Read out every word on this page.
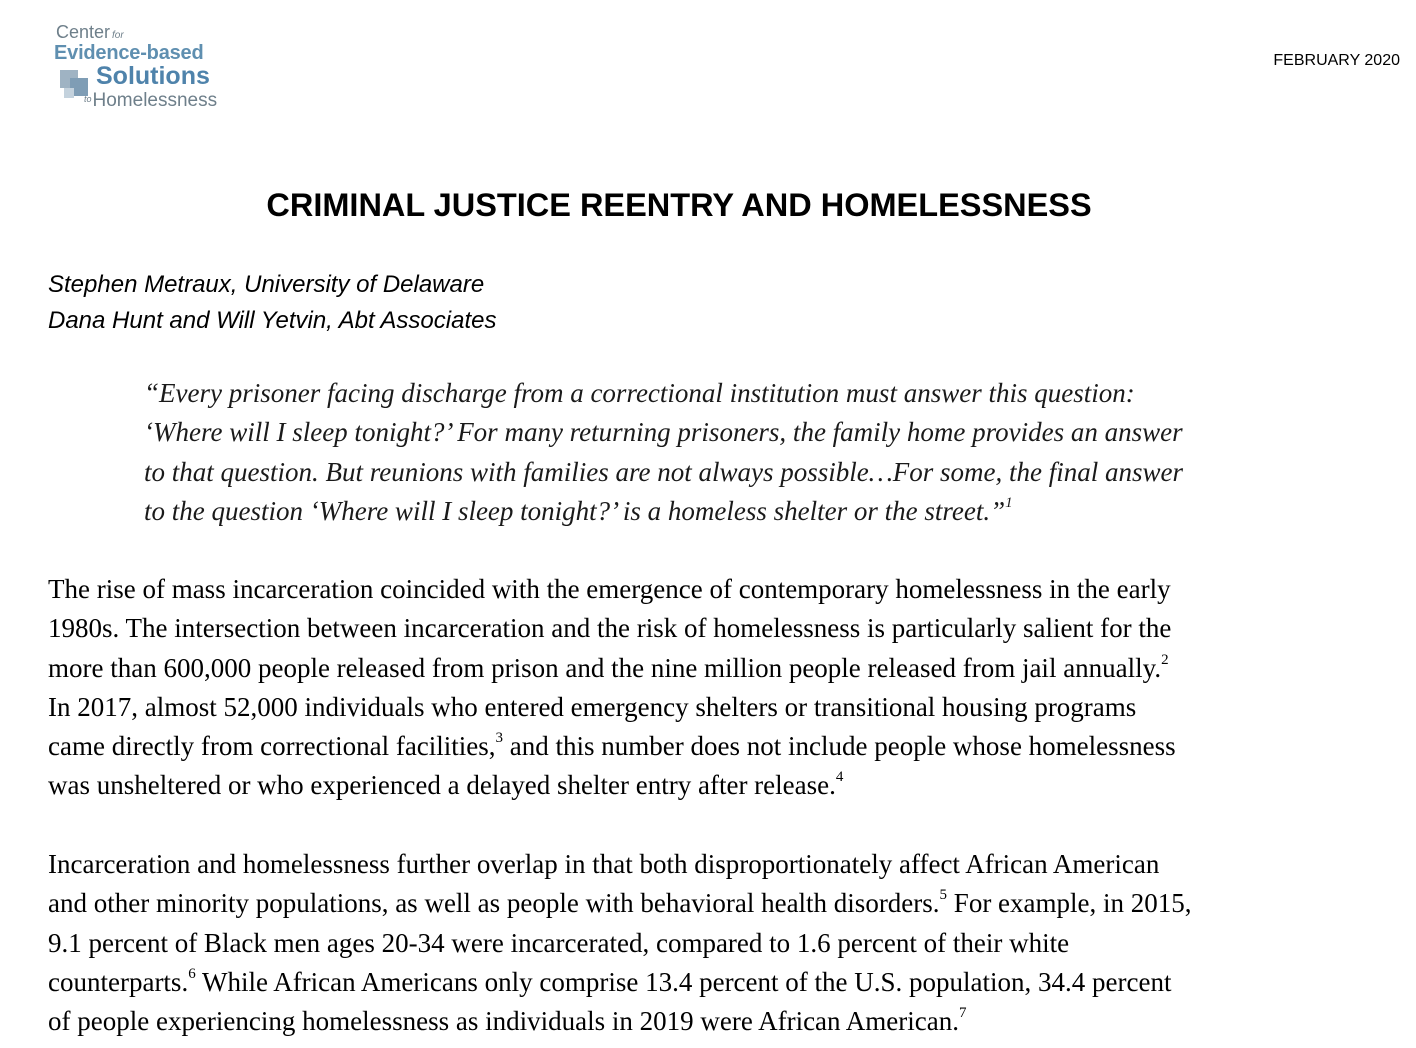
Center for
Evidence-based
Solutions
$^{to}$Homelessness
FEBRUARY 2020
CRIMINAL JUSTICE REENTRY AND HOMELESSNESS
Stephen Metraux, University of Delaware
Dana Hunt and Will Yetvin, Abt Associates
“Every prisoner facing discharge from a correctional institution must answer this question:
‘Where will I sleep tonight?’ For many returning prisoners, the family home provides an answer
to that question. But reunions with families are not always possible…For some, the final answer
to the question ‘Where will I sleep tonight?’ is a homeless shelter or the street.”$^1$
The rise of mass incarceration coincided with the emergence of contemporary homelessness in the early
1980s. The intersection between incarceration and the risk of homelessness is particularly salient for the
more than 600,000 people released from prison and the nine million people released from jail annually.$^2$
In 2017, almost 52,000 individuals who entered emergency shelters or transitional housing programs
came directly from correctional facilities,$^3$ and this number does not include people whose homelessness
was unsheltered or who experienced a delayed shelter entry after release.$^4$
Incarceration and homelessness further overlap in that both disproportionately affect African American
and other minority populations, as well as people with behavioral health disorders.$^5$ For example, in 2015,
9.1 percent of Black men ages 20-34 were incarcerated, compared to 1.6 percent of their white
counterparts.$^6$ While African Americans only comprise 13.4 percent of the U.S. population, 34.4 percent
of people experiencing homelessness as individuals in 2019 were African American.$^7$
